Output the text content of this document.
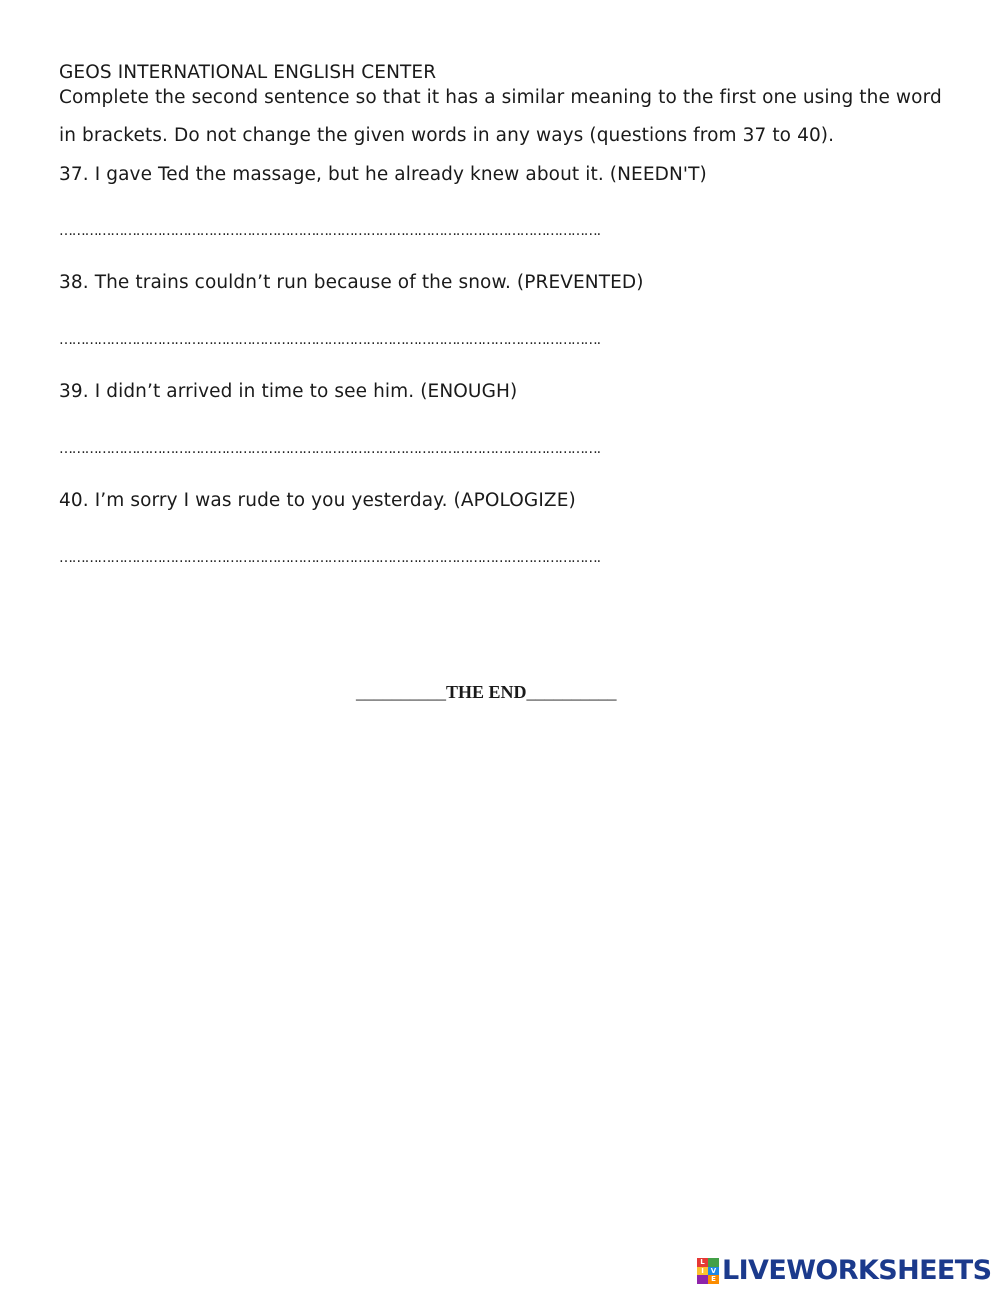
GEOS INTERNATIONAL ENGLISH CENTER
Complete the second sentence so that it has a similar meaning to the first one using the word
in brackets. Do not change the given words in any ways (questions from 37 to 40).
37. I gave Ted the massage, but he already knew about it. (NEEDN'T)
……………………………………………………………………………………………………………….
38. The trains couldn’t run because of the snow. (PREVENTED)
……………………………………………………………………………………………………………….
39. I didn’t arrived in time to see him. (ENOUGH)
……………………………………………………………………………………………………………….
40. I’m sorry I was rude to you yesterday. (APOLOGIZE)
……………………………………………………………………………………………………………….
__________THE END__________
L
I V
E LIVEWORKSHEETS
